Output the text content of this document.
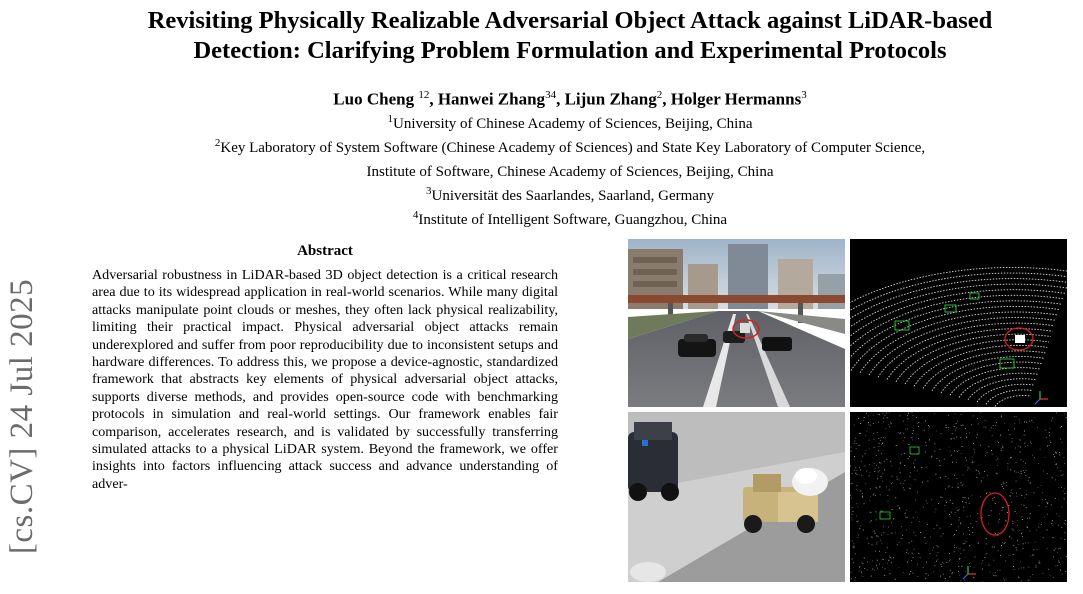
[cs.CV] 24 Jul 2025
Revisiting Physically Realizable Adversarial Object Attack against LiDAR-based
Detection: Clarifying Problem Formulation and Experimental Protocols
Luo Cheng $^{12}$, Hanwei Zhang$^{34}$, Lijun Zhang$^2$, Holger Hermanns$^3$
$^1$University of Chinese Academy of Sciences, Beijing, China
$^2$Key Laboratory of System Software (Chinese Academy of Sciences) and State Key Laboratory of Computer Science,
Institute of Software, Chinese Academy of Sciences, Beijing, China
$^3$Universität des Saarlandes, Saarland, Germany
$^4$Institute of Intelligent Software, Guangzhou, China
Abstract

Adversarial robustness in LiDAR-based 3D object detection is a critical research area due to its widespread application in real-world scenarios. While many digital attacks manipulate point clouds or meshes, they often lack physical realizability, limiting their practical impact. Physical adversarial object attacks remain underexplored and suffer from poor reproducibility due to inconsistent setups and hardware differences. To address this, we propose a device-agnostic, standardized framework that abstracts key elements of physical adversarial object attacks, supports diverse methods, and provides open-source code with benchmarking protocols in simulation and real-world settings. Our framework enables fair comparison, accelerates research, and is validated by successfully transferring simulated attacks to a physical LiDAR system. Beyond the framework, we offer insights into factors influencing attack success and advance understanding of adver-
